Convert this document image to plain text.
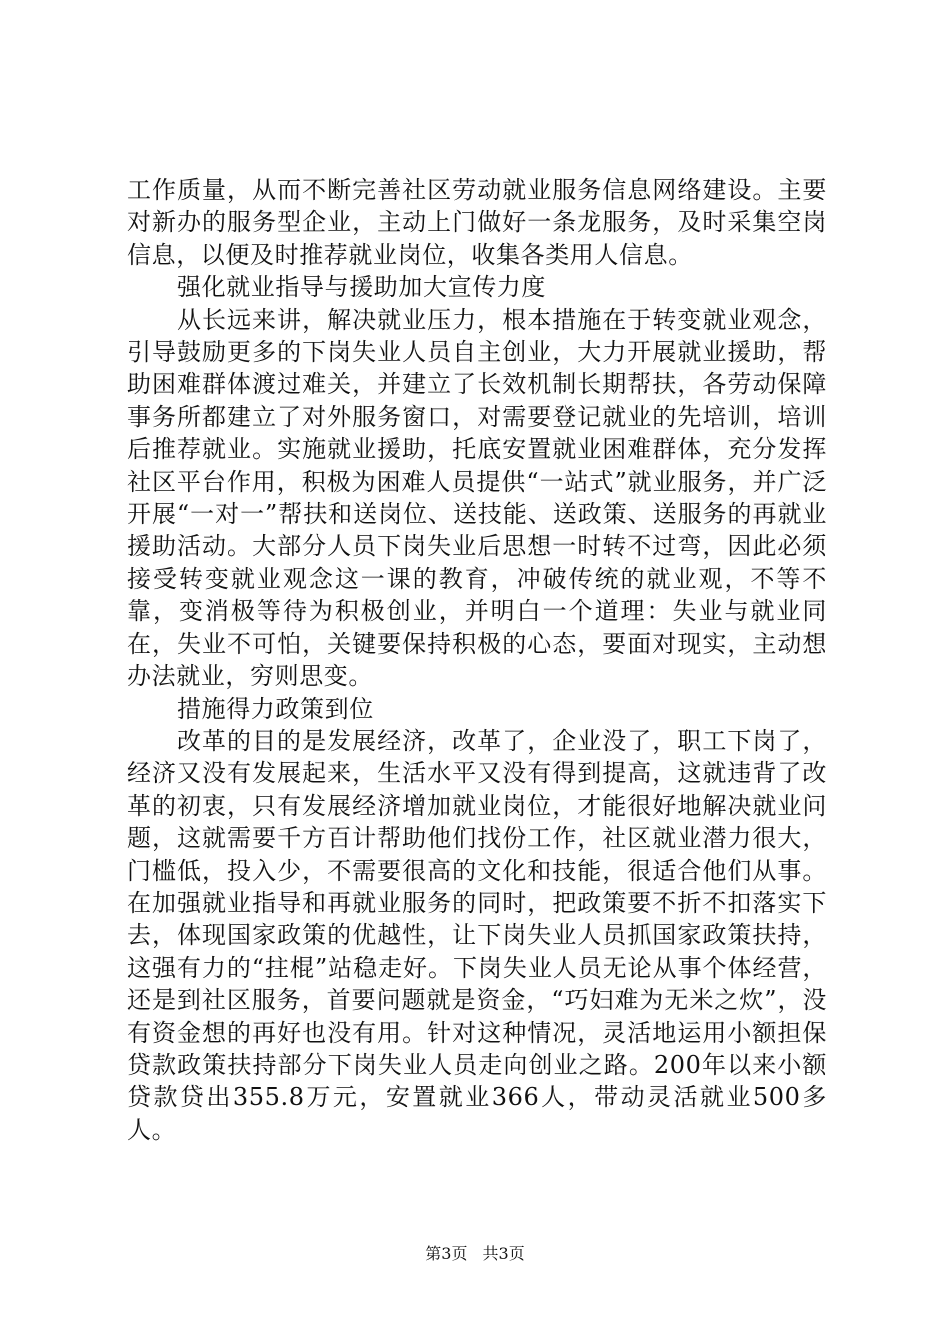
工作质量，从而不断完善社区劳动就业服务信息网络建设。主要对新办的服务型企业，主动上门做好一条龙服务，及时采集空岗信息，以便及时推荐就业岗位，收集各类用人信息。

强化就业指导与援助加大宣传力度

从长远来讲，解决就业压力，根本措施在于转变就业观念，引导鼓励更多的下岗失业人员自主创业，大力开展就业援助，帮助困难群体渡过难关，并建立了长效机制长期帮扶，各劳动保障事务所都建立了对外服务窗口，对需要登记就业的先培训，培训后推荐就业。实施就业援助，托底安置就业困难群体，充分发挥社区平台作用，积极为困难人员提供“一站式”就业服务，并广泛开展“一对一”帮扶和送岗位、送技能、送政策、送服务的再就业援助活动。大部分人员下岗失业后思想一时转不过弯，因此必须接受转变就业观念这一课的教育，冲破传统的就业观，不等不靠，变消极等待为积极创业，并明白一个道理：失业与就业同在，失业不可怕，关键要保持积极的心态，要面对现实，主动想办法就业，穷则思变。

措施得力政策到位

改革的目的是发展经济，改革了，企业没了，职工下岗了，经济又没有发展起来，生活水平又没有得到提高，这就违背了改革的初衷，只有发展经济增加就业岗位，才能很好地解决就业问题，这就需要千方百计帮助他们找份工作，社区就业潜力很大，门槛低，投入少，不需要很高的文化和技能，很适合他们从事。在加强就业指导和再就业服务的同时，把政策要不折不扣落实下去，体现国家政策的优越性，让下岗失业人员抓国家政策扶持，这强有力的“拄棍”站稳走好。下岗失业人员无论从事个体经营，还是到社区服务，首要问题就是资金，“巧妇难为无米之炊”，没有资金想的再好也没有用。针对这种情况，灵活地运用小额担保贷款政策扶持部分下岗失业人员走向创业之路。200年以来小额贷款贷出355.8万元，安置就业366人，带动灵活就业500多人。

第3页 共3页
